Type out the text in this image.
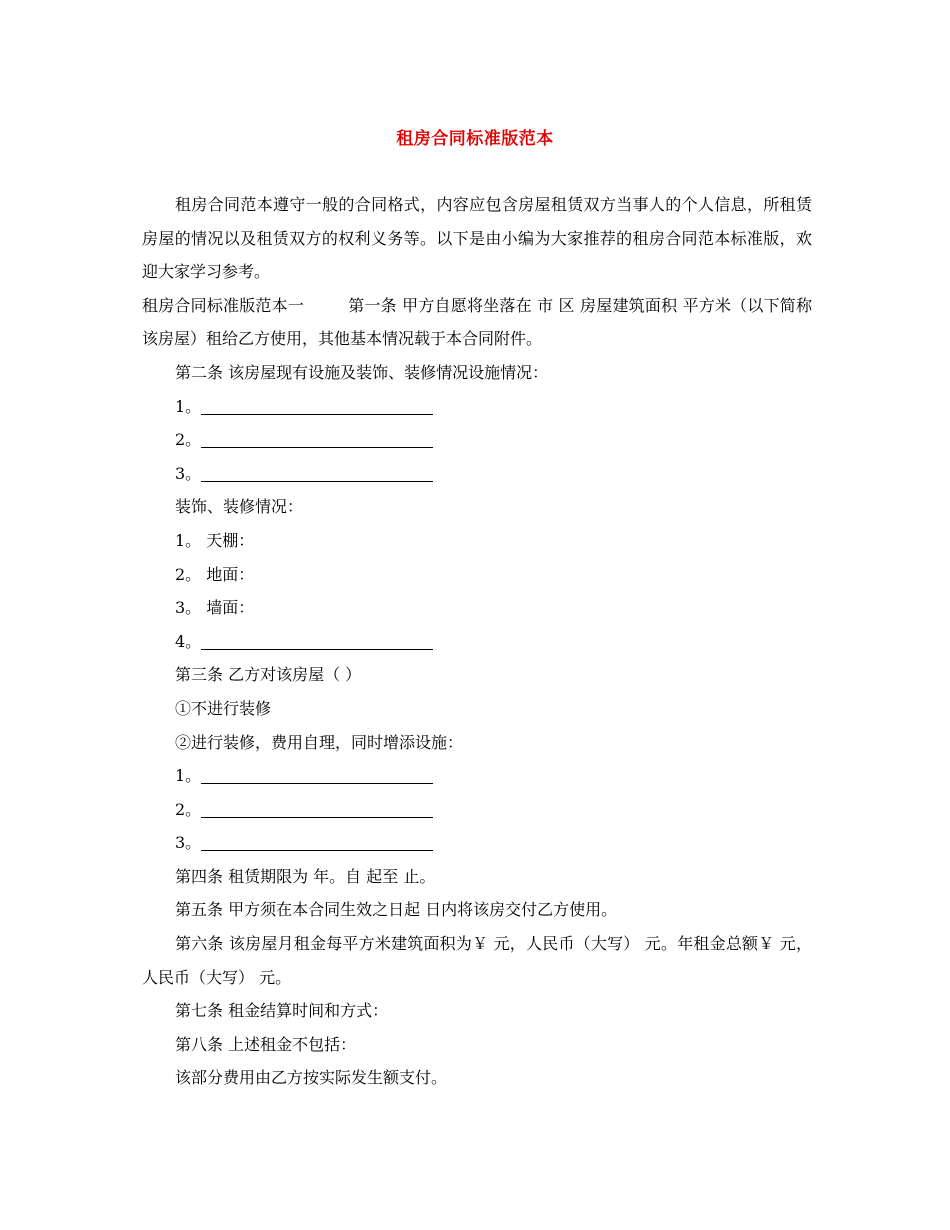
租房合同标准版范本

租房合同范本遵守一般的合同格式，内容应包含房屋租赁双方当事人的个人信息，所租赁房屋的情况以及租赁双方的权利义务等。以下是由小编为大家推荐的租房合同范本标准版，欢迎大家学习参考。

租房合同标准版范本一	第一条 甲方自愿将坐落在 市 区 房屋建筑面积 平方米（以下简称该房屋）租给乙方使用，其他基本情况载于本合同附件。

第二条 该房屋现有设施及装饰、装修情况设施情况：

1。

2。

3。

装饰、装修情况：

1。 天棚：

2。 地面：

3。 墙面：

4。

第三条 乙方对该房屋（ ）

①不进行装修

②进行装修，费用自理，同时增添设施：

1。

2。

3。

第四条 租赁期限为 年。自 起至 止。

第五条 甲方须在本合同生效之日起 日内将该房交付乙方使用。

第六条 该房屋月租金每平方米建筑面积为￥ 元，人民币（大写） 元。年租金总额￥ 元，人民币（大写） 元。

第七条 租金结算时间和方式：

第八条 上述租金不包括：

该部分费用由乙方按实际发生额支付。
